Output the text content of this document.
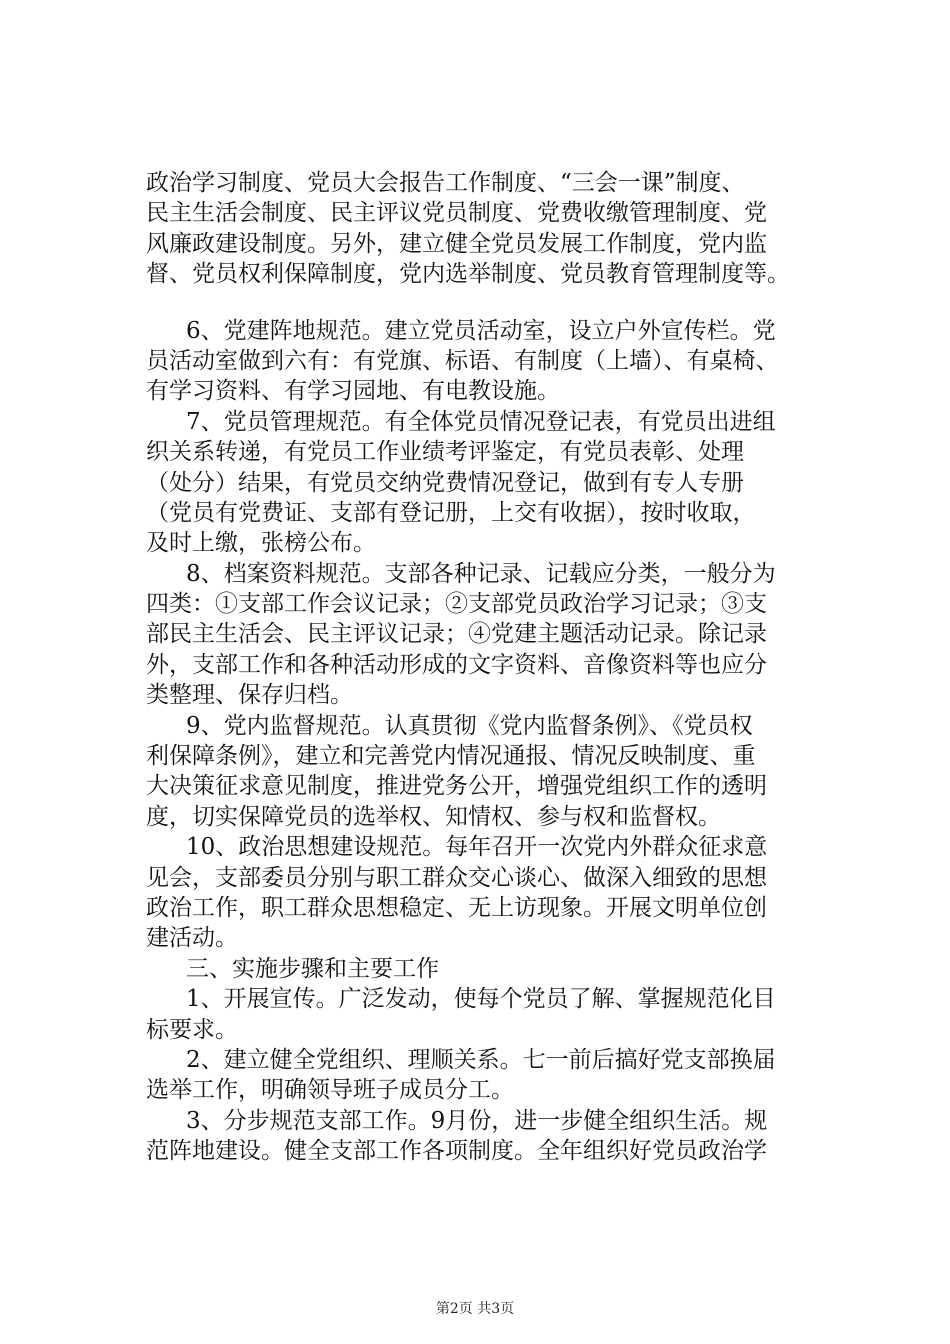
政治学习制度、党员大会报告工作制度、“三会一课”制度、
民主生活会制度、民主评议党员制度、党费收缴管理制度、党
风廉政建设制度。另外，建立健全党员发展工作制度，党内监
督、党员权利保障制度，党内选举制度、党员教育管理制度等。
6、党建阵地规范。建立党员活动室，设立户外宣传栏。党
员活动室做到六有：有党旗、标语、有制度（上墙）、有桌椅、
有学习资料、有学习园地、有电教设施。
7、党员管理规范。有全体党员情况登记表，有党员出进组
织关系转递，有党员工作业绩考评鉴定，有党员表彰、处理
（处分）结果，有党员交纳党费情况登记，做到有专人专册
（党员有党费证、支部有登记册，上交有收据），按时收取，
及时上缴，张榜公布。
8、档案资料规范。支部各种记录、记载应分类，一般分为
四类：①支部工作会议记录；②支部党员政治学习记录；③支
部民主生活会、民主评议记录；④党建主题活动记录。除记录
外，支部工作和各种活动形成的文字资料、音像资料等也应分
类整理、保存归档。
9、党内监督规范。认真贯彻《党内监督条例》、《党员权
利保障条例》，建立和完善党内情况通报、情况反映制度、重
大决策征求意见制度，推进党务公开，增强党组织工作的透明
度，切实保障党员的选举权、知情权、参与权和监督权。
10、政治思想建设规范。每年召开一次党内外群众征求意
见会，支部委员分别与职工群众交心谈心、做深入细致的思想
政治工作，职工群众思想稳定、无上访现象。开展文明单位创
建活动。
三、实施步骤和主要工作
1、开展宣传。广泛发动，使每个党员了解、掌握规范化目
标要求。
2、建立健全党组织、理顺关系。七一前后搞好党支部换届
选举工作，明确领导班子成员分工。
3、分步规范支部工作。9月份，进一步健全组织生活。规
范阵地建设。健全支部工作各项制度。全年组织好党员政治学
第2页 共3页
